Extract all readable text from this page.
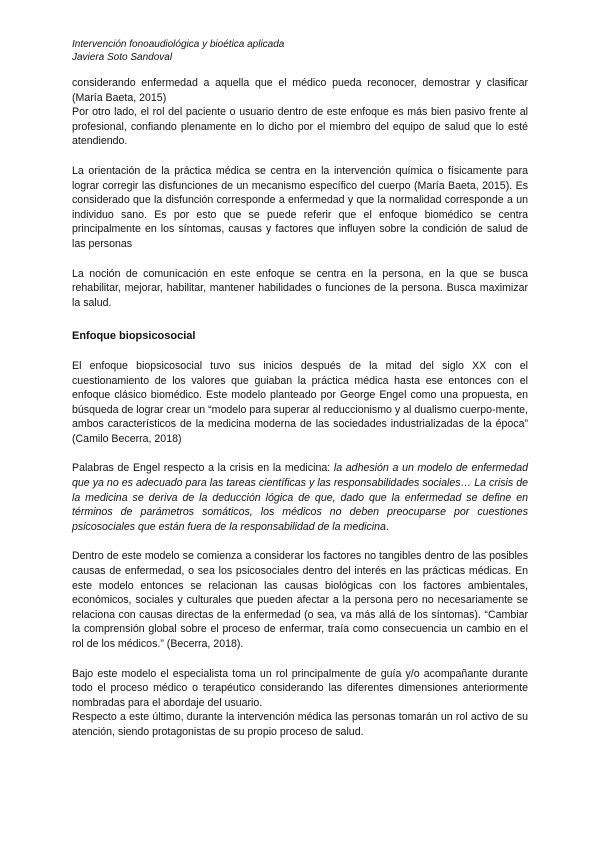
Intervención fonoaudiológica y bioética aplicada
Javiera Soto Sandoval

considerando enfermedad a aquella que el médico pueda reconocer, demostrar y clasificar (María Baeta, 2015)

Por otro lado, el rol del paciente o usuario dentro de este enfoque es más bien pasivo frente al profesional, confiando plenamente en lo dicho por el miembro del equipo de salud que lo esté atendiendo.

La orientación de la práctica médica se centra en la intervención química o físicamente para lograr corregir las disfunciones de un mecanismo específico del cuerpo (María Baeta, 2015). Es considerado que la disfunción corresponde a enfermedad y que la normalidad corresponde a un individuo sano. Es por esto que se puede referir que el enfoque biomédico se centra principalmente en los síntomas, causas y factores que influyen sobre la condición de salud de las personas

La noción de comunicación en este enfoque se centra en la persona, en la que se busca rehabilitar, mejorar, habilitar, mantener habilidades o funciones de la persona. Busca maximizar la salud.

Enfoque biopsicosocial

El enfoque biopsicosocial tuvo sus inicios después de la mitad del siglo XX con el cuestionamiento de los valores que guiaban la práctica médica hasta ese entonces con el enfoque clásico biomédico. Este modelo planteado por George Engel como una propuesta, en búsqueda de lograr crear un “modelo para superar al reduccionismo y al dualismo cuerpo-mente, ambos característicos de la medicina moderna de las sociedades industrializadas de la época” (Camilo Becerra, 2018)

Palabras de Engel respecto a la crisis en la medicina: la adhesión a un modelo de enfermedad que ya no es adecuado para las tareas científicas y las responsabilidades sociales… La crisis de la medicina se deriva de la deducción lógica de que, dado que la enfermedad se define en términos de parámetros somáticos, los médicos no deben preocuparse por cuestiones psicosociales que están fuera de la responsabilidad de la medicina.

Dentro de este modelo se comienza a considerar los factores no tangibles dentro de las posibles causas de enfermedad, o sea los psicosociales dentro del interés en las prácticas médicas. En este modelo entonces se relacionan las causas biológicas con los factores ambientales, económicos, sociales y culturales que pueden afectar a la persona pero no necesariamente se relaciona con causas directas de la enfermedad (o sea, va más allá de los síntomas). “Cambiar la comprensión global sobre el proceso de enfermar, traía como consecuencia un cambio en el rol de los médicos.” (Becerra, 2018).

Bajo este modelo el especialista toma un rol principalmente de guía y/o acompañante durante todo el proceso médico o terapéutico considerando las diferentes dimensiones anteriormente nombradas para el abordaje del usuario.

Respecto a este último, durante la intervención médica las personas tomarán un rol activo de su atención, siendo protagonistas de su propio proceso de salud.
